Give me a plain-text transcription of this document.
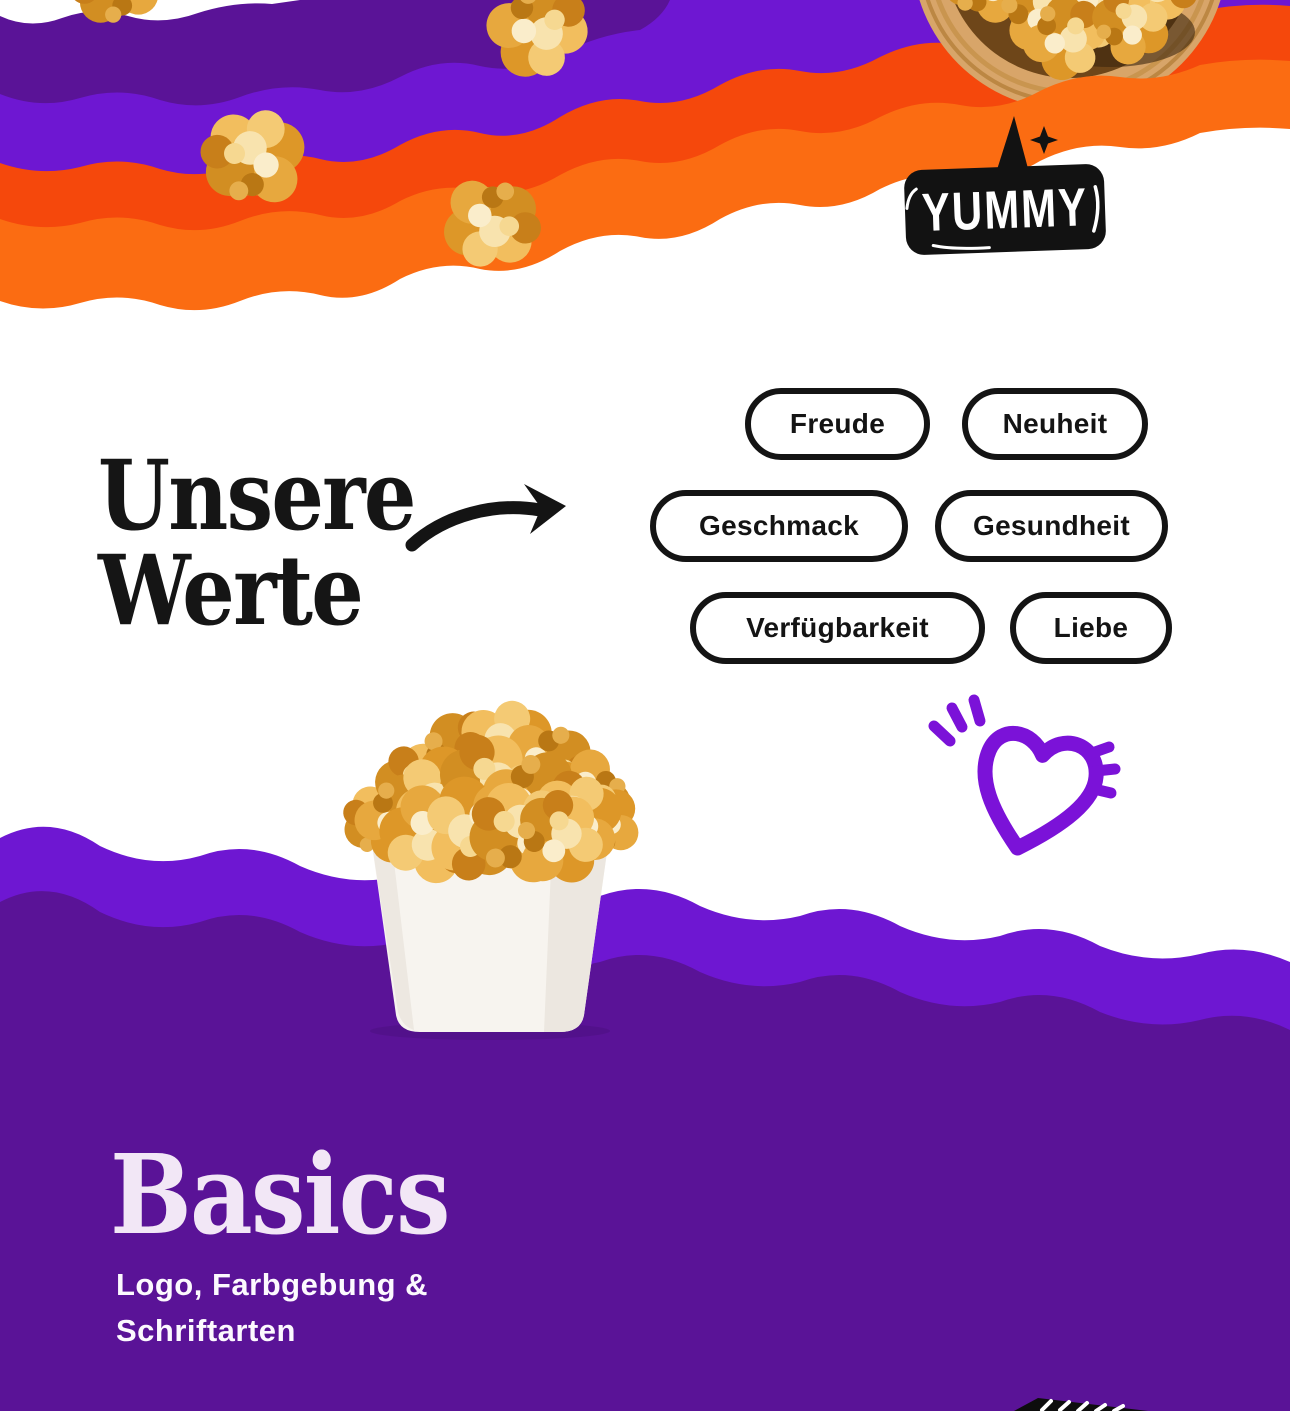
YUMMY
Unsere
Werte
Freude	Neuheit
Geschmack	Gesundheit
Verfügbarkeit	Liebe
Basics
Logo, Farbgebung &
Schriftarten
